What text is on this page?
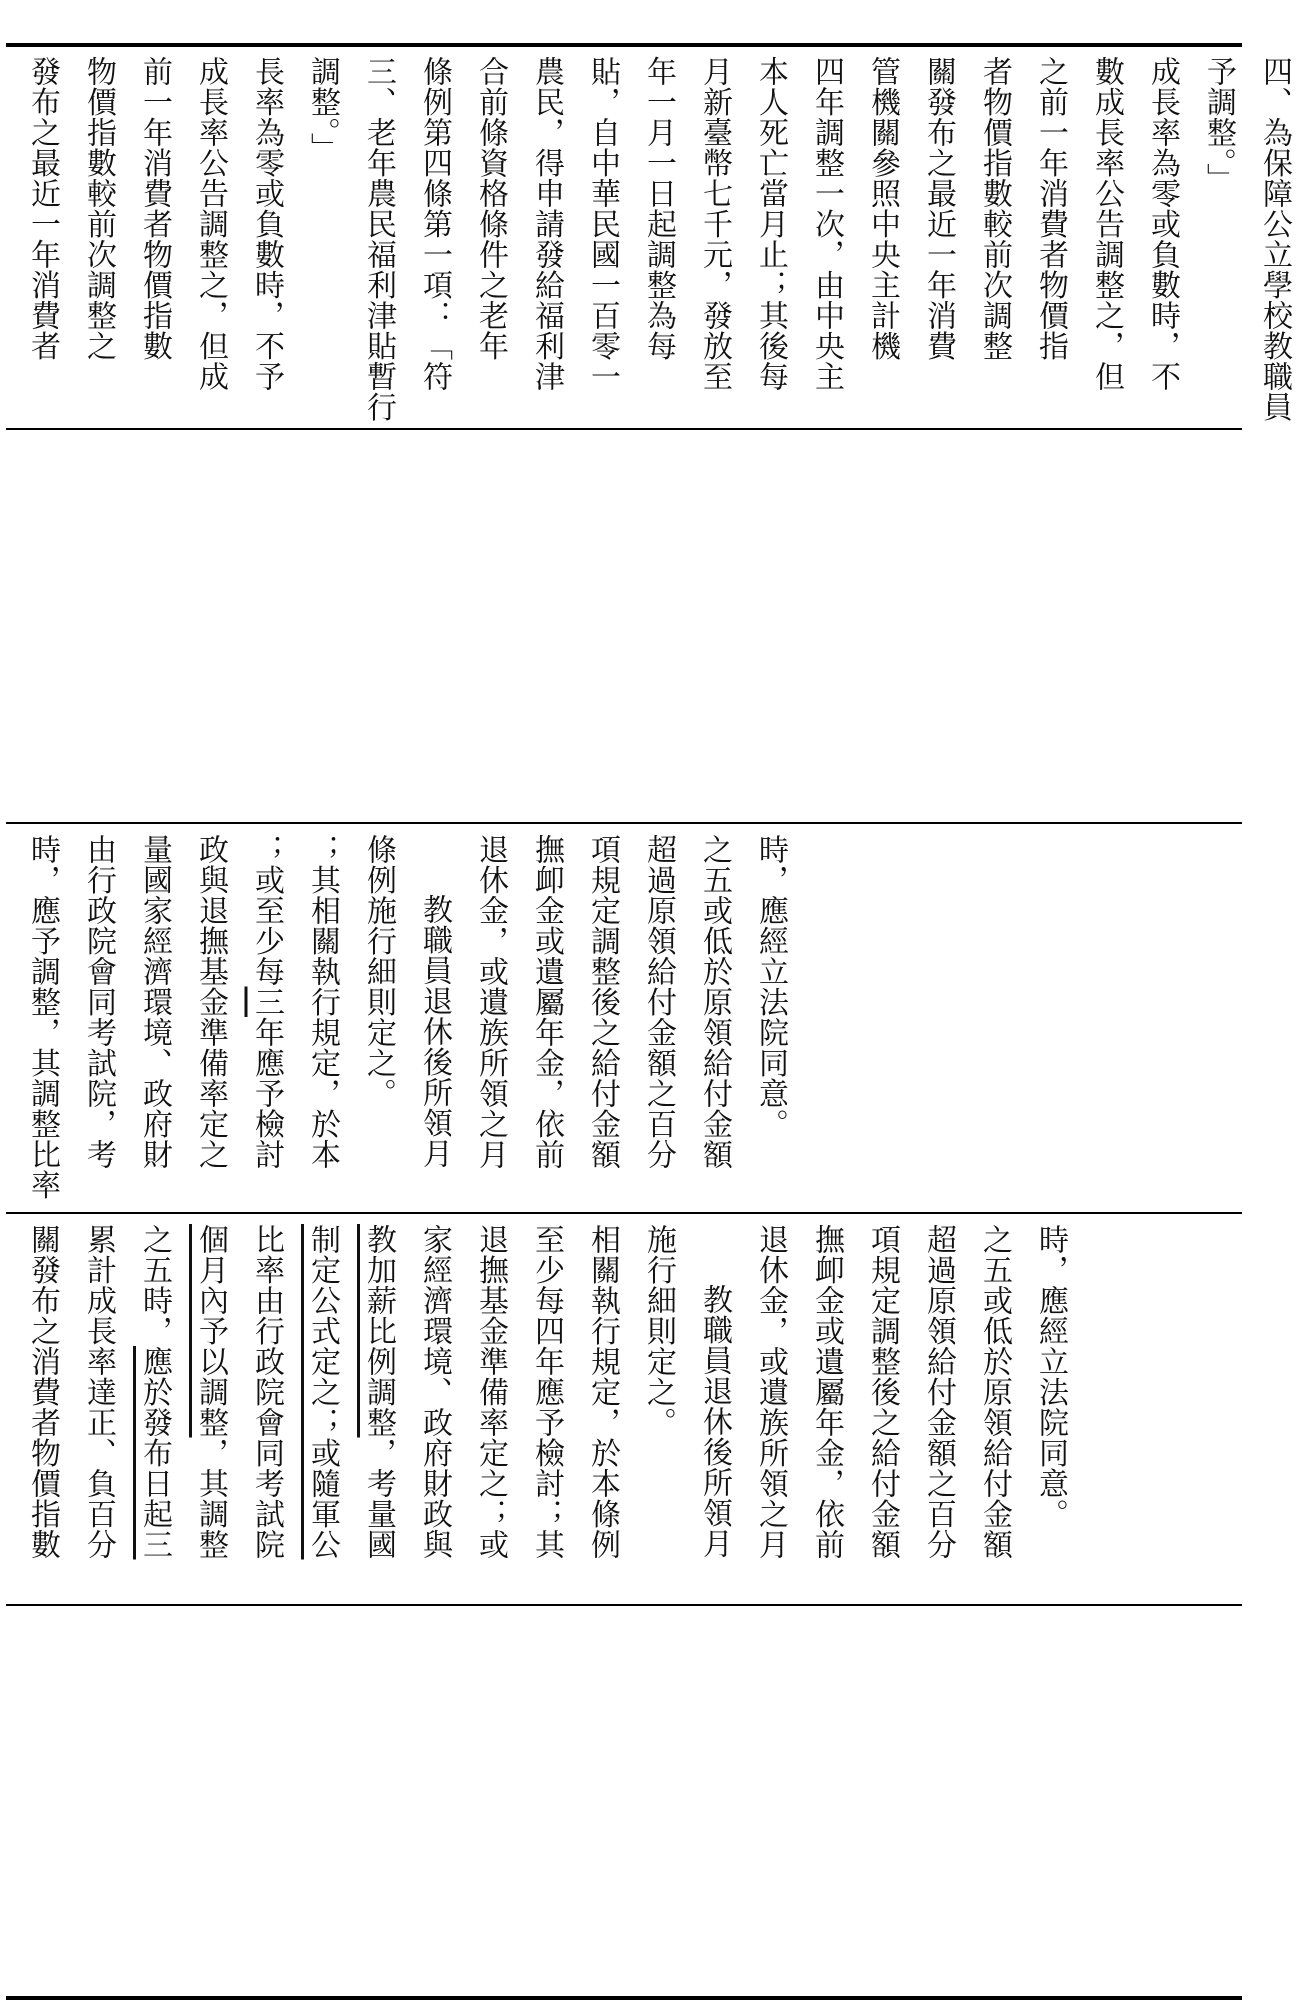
四、為保障公立學校教職員
予調整。」
成長率為零或負數時，不
數成長率公告調整之，但
之前一年消費者物價指
者物價指數較前次調整
關發布之最近一年消費
管機關參照中央主計機
四年調整一次，由中央主
本人死亡當月止；其後每
月新臺幣七千元，發放至
年一月一日起調整為每
貼，自中華民國一百零一
農民，得申請發給福利津
合前條資格條件之老年
條例第四條第一項：「符
三、老年農民福利津貼暫行
調整。」
長率為零或負數時，不予
成長率公告調整之，但成
前一年消費者物價指數
物價指數較前次調整之
發布之最近一年消費者
時，應經立法院同意。
之五或低於原領給付金額
超過原領給付金額之百分
項規定調整後之給付金額
撫卹金或遺屬年金，依前
退休金，或遺族所領之月
教職員退休後所領月
條例施行細則定之。
；其相關執行規定，於本
；或至少每三年應予檢討
政與退撫基金準備率定之
量國家經濟環境、政府財
由行政院會同考試院，考
時，應予調整，其調整比率
時，應經立法院同意。
之五或低於原領給付金額
超過原領給付金額之百分
項規定調整後之給付金額
撫卹金或遺屬年金，依前
退休金，或遺族所領之月
教職員退休後所領月
施行細則定之。
相關執行規定，於本條例
至少每四年應予檢討；其
退撫基金準備率定之；或
家經濟環境、政府財政與
教加薪比例調整，考量國
制定公式定之；或隨軍公
比率由行政院會同考試院
個月內予以調整，其調整
之五時，應於發布日起三
累計成長率達正、負百分
關發布之消費者物價指數
